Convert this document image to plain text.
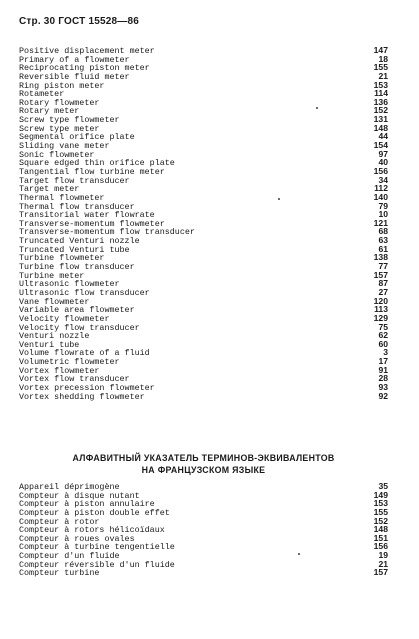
Стр. 30 ГОСТ 15528—86
Positive displacement meter	147
Primary of a flowmeter	18
Reciprocating piston meter	155
Reversible fluid meter	21
Ring piston meter	153
Rotameter	114
Rotary flowmeter	136
Rotary meter	152
Screw type flowmeter	131
Screw type meter	148
Segmental orifice plate	44
Sliding vane meter	154
Sonic flowmeter	97
Square edged thin orifice plate	40
Tangential flow turbine meter	156
Target flow transducer	34
Target meter	112
Thermal flowmeter	140
Thermal flow transducer	79
Transitorial water flowrate	10
Transverse-momentum flowmeter	121
Transverse-momentum flow transducer	68
Truncated Venturi nozzle	63
Truncated Venturi tube	61
Turbine flowmeter	138
Turbine flow transducer	77
Turbine meter	157
Ultrasonic flowmeter	87
Ultrasonic flow transducer	27
Vane flowmeter	120
Variable area flowmeter	113
Velocity flowmeter	129
Velocity flow transducer	75
Venturi nozzle	62
Venturi tube	60
Volume flowrate of a fluid	3
Volumetric flowmeter	17
Vortex flowmeter	91
Vortex flow transducer	28
Vortex precession flowmeter	93
Vortex shedding flowmeter	92
АЛФАВИТНЫЙ УКАЗАТЕЛЬ ТЕРМИНОВ-ЭКВИВАЛЕНТОВ
НА ФРАНЦУЗСКОМ ЯЗЫКЕ
Appareil déprimogène	35
Compteur à disque nutant	149
Compteur à piston annulaire	153
Compteur à piston double effet	155
Compteur à rotor	152
Compteur à rotors hélicoïdaux	148
Compteur à roues ovales	151
Compteur à turbine tengentielle	156
Compteur d'un fluide	19
Compteur réversible d'un fluide	21
Compteur turbine	157
